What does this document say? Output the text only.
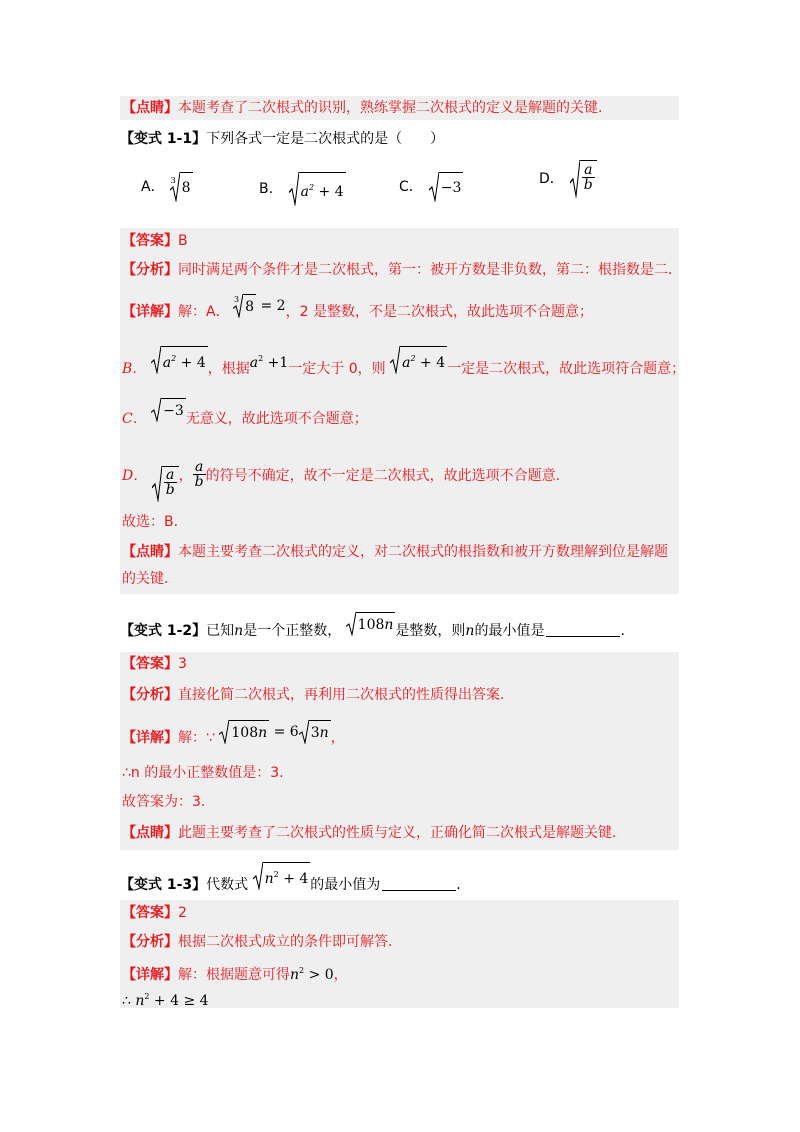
【点睛】本题考查了二次根式的识别，熟练掌握二次根式的定义是解题的关键.
【变式 1-1】下列各式一定是二次根式的是（　　）
A． $^3$ 8	B． $a^2 + 4$	C． −3
D． $\frac{a}{b}$
【答案】B
【分析】同时满足两个条件才是二次根式，第一：被开方数是非负数，第二：根指数是二.
【详解】解：A． $^3$ 8 = 2，2 是整数，不是二次根式，故此选项不合题意；
B． $a^2 + 4$ ，根据$a^2 +1$一定大于 0，则 $a^2 + 4$ 一定是二次根式，故此选项符合题意；
C． −3 无意义，故此选项不合题意；
D． $\frac{a}{b}$ ， $\frac{a}{b}$ 的符号不确定，故不一定是二次根式，故此选项不合题意.
故选：B.
【点睛】本题主要考查二次根式的定义，对二次根式的根指数和被开方数理解到位是解题
的关键.
【变式 1-2】已知n是一个正整数， 108n 是整数，则n的最小值是	.
【答案】3
【分析】直接化简二次根式，再利用二次根式的性质得出答案.
【详解】解：∵ 108n = 6 3n ，
∴n 的最小正整数值是：3.
故答案为：3.
【点睛】此题主要考查了二次根式的性质与定义，正确化简二次根式是解题关键.
【变式 1-3】代数式 $n^2 + 4$ 的最小值为	.
【答案】2
【分析】根据二次根式成立的条件即可解答.
【详解】解：根据题意可得$n^2 > 0$，
∴ $n^2 + 4 \ge 4$
